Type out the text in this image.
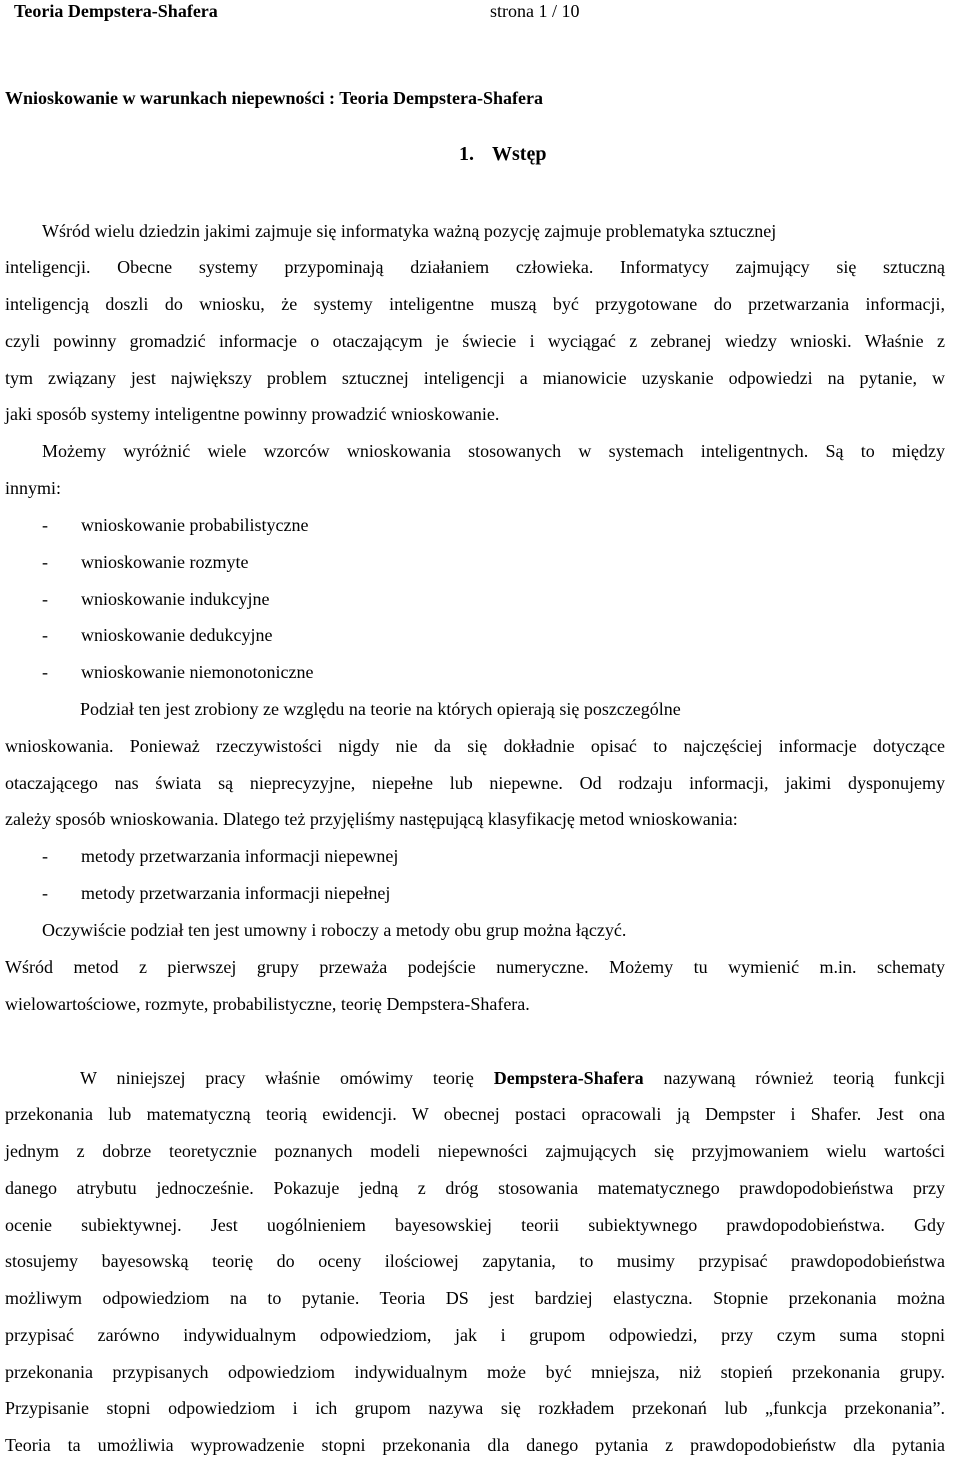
Teoria Dempstera-Shafera	strona 1 / 10
Wnioskowanie w warunkach niepewności : Teoria Dempstera-Shafera
1. Wstęp
Wśród wielu dziedzin jakimi zajmuje się informatyka ważną pozycję zajmuje problematyka sztucznej
inteligencji. Obecne systemy przypominają działaniem człowieka. Informatycy zajmujący się sztuczną
inteligencją doszli do wniosku, że systemy inteligentne muszą być przygotowane do przetwarzania informacji,
czyli powinny gromadzić informacje o otaczającym je świecie i wyciągać z zebranej wiedzy wnioski. Właśnie z
tym związany jest największy problem sztucznej inteligencji a mianowicie uzyskanie odpowiedzi na pytanie, w
jaki sposób systemy inteligentne powinny prowadzić wnioskowanie.
Możemy wyróżnić wiele wzorców wnioskowania stosowanych w systemach inteligentnych. Są to między
innymi:
- wnioskowanie probabilistyczne
- wnioskowanie rozmyte
- wnioskowanie indukcyjne
- wnioskowanie dedukcyjne
- wnioskowanie niemonotoniczne
Podział ten jest zrobiony ze względu na teorie na których opierają się poszczególne
wnioskowania. Ponieważ rzeczywistości nigdy nie da się dokładnie opisać to najczęściej informacje dotyczące
otaczającego nas świata są nieprecyzyjne, niepełne lub niepewne. Od rodzaju informacji, jakimi dysponujemy
zależy sposób wnioskowania. Dlatego też przyjęliśmy następującą klasyfikację metod wnioskowania:
- metody przetwarzania informacji niepewnej
- metody przetwarzania informacji niepełnej
Oczywiście podział ten jest umowny i roboczy a metody obu grup można łączyć.
Wśród metod z pierwszej grupy przeważa podejście numeryczne. Możemy tu wymienić m.in. schematy
wielowartościowe, rozmyte, probabilistyczne, teorię Dempstera-Shafera.
W niniejszej pracy właśnie omówimy teorię Dempstera-Shafera nazywaną również teorią funkcji
przekonania lub matematyczną teorią ewidencji. W obecnej postaci opracowali ją Dempster i Shafer. Jest ona
jednym z dobrze teoretycznie poznanych modeli niepewności zajmujących się przyjmowaniem wielu wartości
danego atrybutu jednocześnie. Pokazuje jedną z dróg stosowania matematycznego prawdopodobieństwa przy
ocenie subiektywnej. Jest uogólnieniem bayesowskiej teorii subiektywnego prawdopodobieństwa. Gdy
stosujemy bayesowską teorię do oceny ilościowej zapytania, to musimy przypisać prawdopodobieństwa
możliwym odpowiedziom na to pytanie. Teoria DS jest bardziej elastyczna. Stopnie przekonania można
przypisać zarówno indywidualnym odpowiedziom, jak i grupom odpowiedzi, przy czym suma stopni
przekonania przypisanych odpowiedziom indywidualnym może być mniejsza, niż stopień przekonania grupy.
Przypisanie stopni odpowiedziom i ich grupom nazywa się rozkładem przekonań lub „funkcja przekonania”.
Teoria ta umożliwia wyprowadzenie stopni przekonania dla danego pytania z prawdopodobieństw dla pytania
